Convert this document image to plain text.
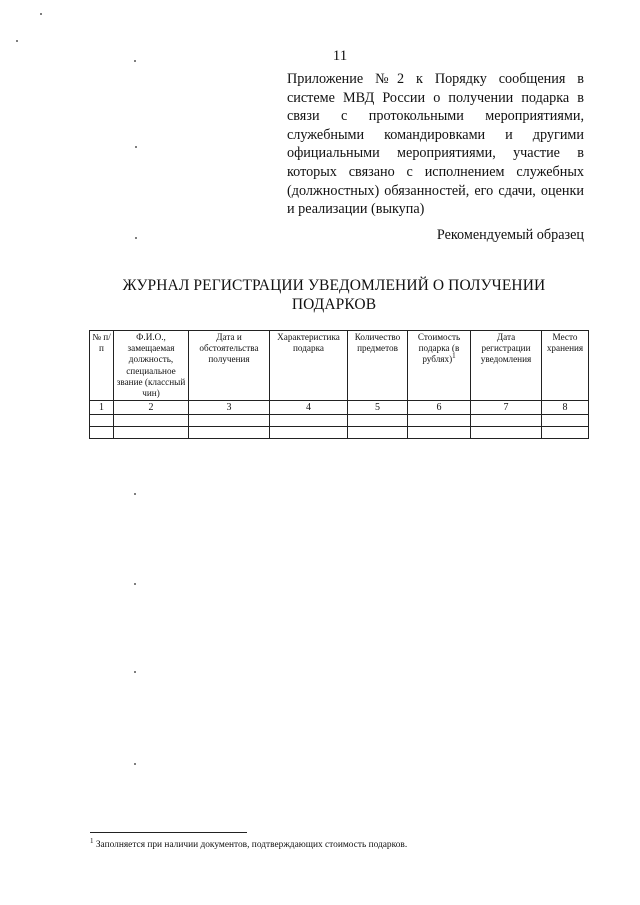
11
Приложение №2 к Порядку сообщения в системе МВД России о получении подарка в связи с протокольными мероприятиями, служебными командировками и другими официальными мероприятиями, участие в которых связано с исполнением служебных (должностных) обязанностей, его сдачи, оценки и реализации (выкупа)
Рекомендуемый образец
ЖУРНАЛ РЕГИСТРАЦИИ УВЕДОМЛЕНИЙ О ПОЛУЧЕНИИ ПОДАРКОВ
№ п/п	Ф.И.О., замещаемая должность, специальное звание (классный чин)	Дата и обстоятельства получения	Характеристика подарка	Количество предметов	Стоимость подарка (в рублях)$^1$	Дата регистрации уведомления	Место хранения
1	2	3	4	5	6	7	8

$^1$ Заполняется при наличии документов, подтверждающих стоимость подарков.
